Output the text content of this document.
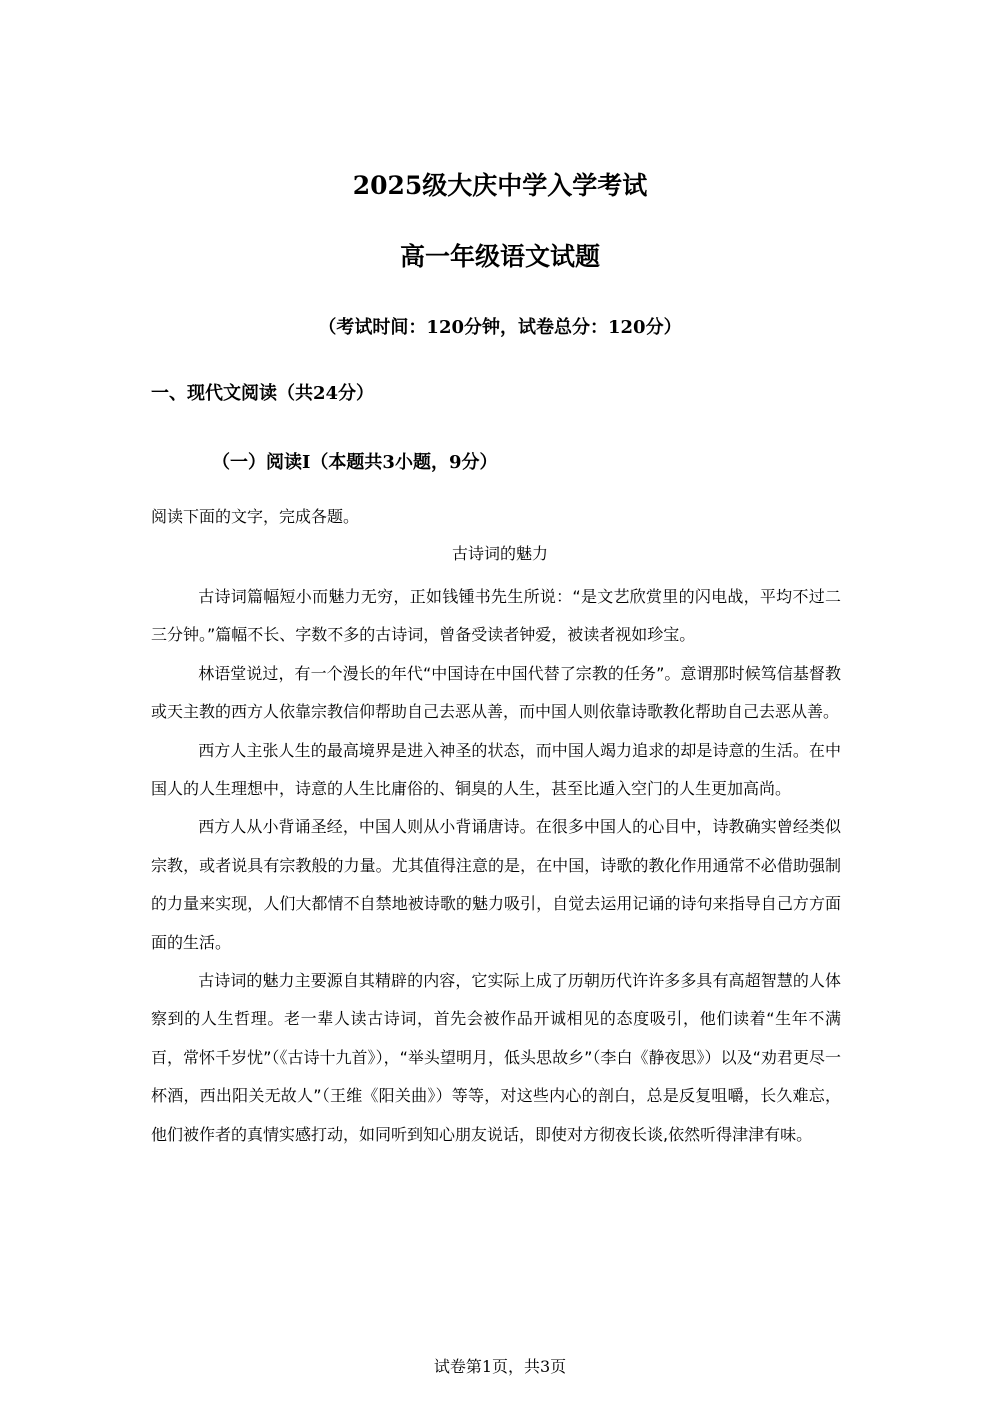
2025级大庆中学入学考试
高一年级语文试题
（考试时间：120分钟，试卷总分：120分）
一、现代文阅读（共24分）
（一）阅读I（本题共3小题，9分）
阅读下面的文字，完成各题。
古诗词的魅力

古诗词篇幅短小而魅力无穷，正如钱锺书先生所说：“是文艺欣赏里的闪电战，平均不过二三分钟。”篇幅不长、字数不多的古诗词，曾备受读者钟爱，被读者视如珍宝。

林语堂说过，有一个漫长的年代“中国诗在中国代替了宗教的任务”。意谓那时候笃信基督教或天主教的西方人依靠宗教信仰帮助自己去恶从善，而中国人则依靠诗歌教化帮助自己去恶从善。

西方人主张人生的最高境界是进入神圣的状态，而中国人竭力追求的却是诗意的生活。在中国人的人生理想中，诗意的人生比庸俗的、铜臭的人生，甚至比遁入空门的人生更加高尚。

西方人从小背诵圣经，中国人则从小背诵唐诗。在很多中国人的心目中，诗教确实曾经类似宗教，或者说具有宗教般的力量。尤其值得注意的是，在中国，诗歌的教化作用通常不必借助强制的力量来实现，人们大都情不自禁地被诗歌的魅力吸引，自觉去运用记诵的诗句来指导自己方方面面的生活。

古诗词的魅力主要源自其精辟的内容，它实际上成了历朝历代许许多多具有高超智慧的人体察到的人生哲理。老一辈人读古诗词，首先会被作品开诚相见的态度吸引，他们读着“生年不满百，常怀千岁忧”（《古诗十九首》），“举头望明月，低头思故乡”（李白《静夜思》）以及“劝君更尽一杯酒，西出阳关无故人”（王维《阳关曲》）等等，对这些内心的剖白，总是反复咀嚼，长久难忘，他们被作者的真情实感打动，如同听到知心朋友说话，即使对方彻夜长谈,依然听得津津有味。

试卷第1页，共3页
